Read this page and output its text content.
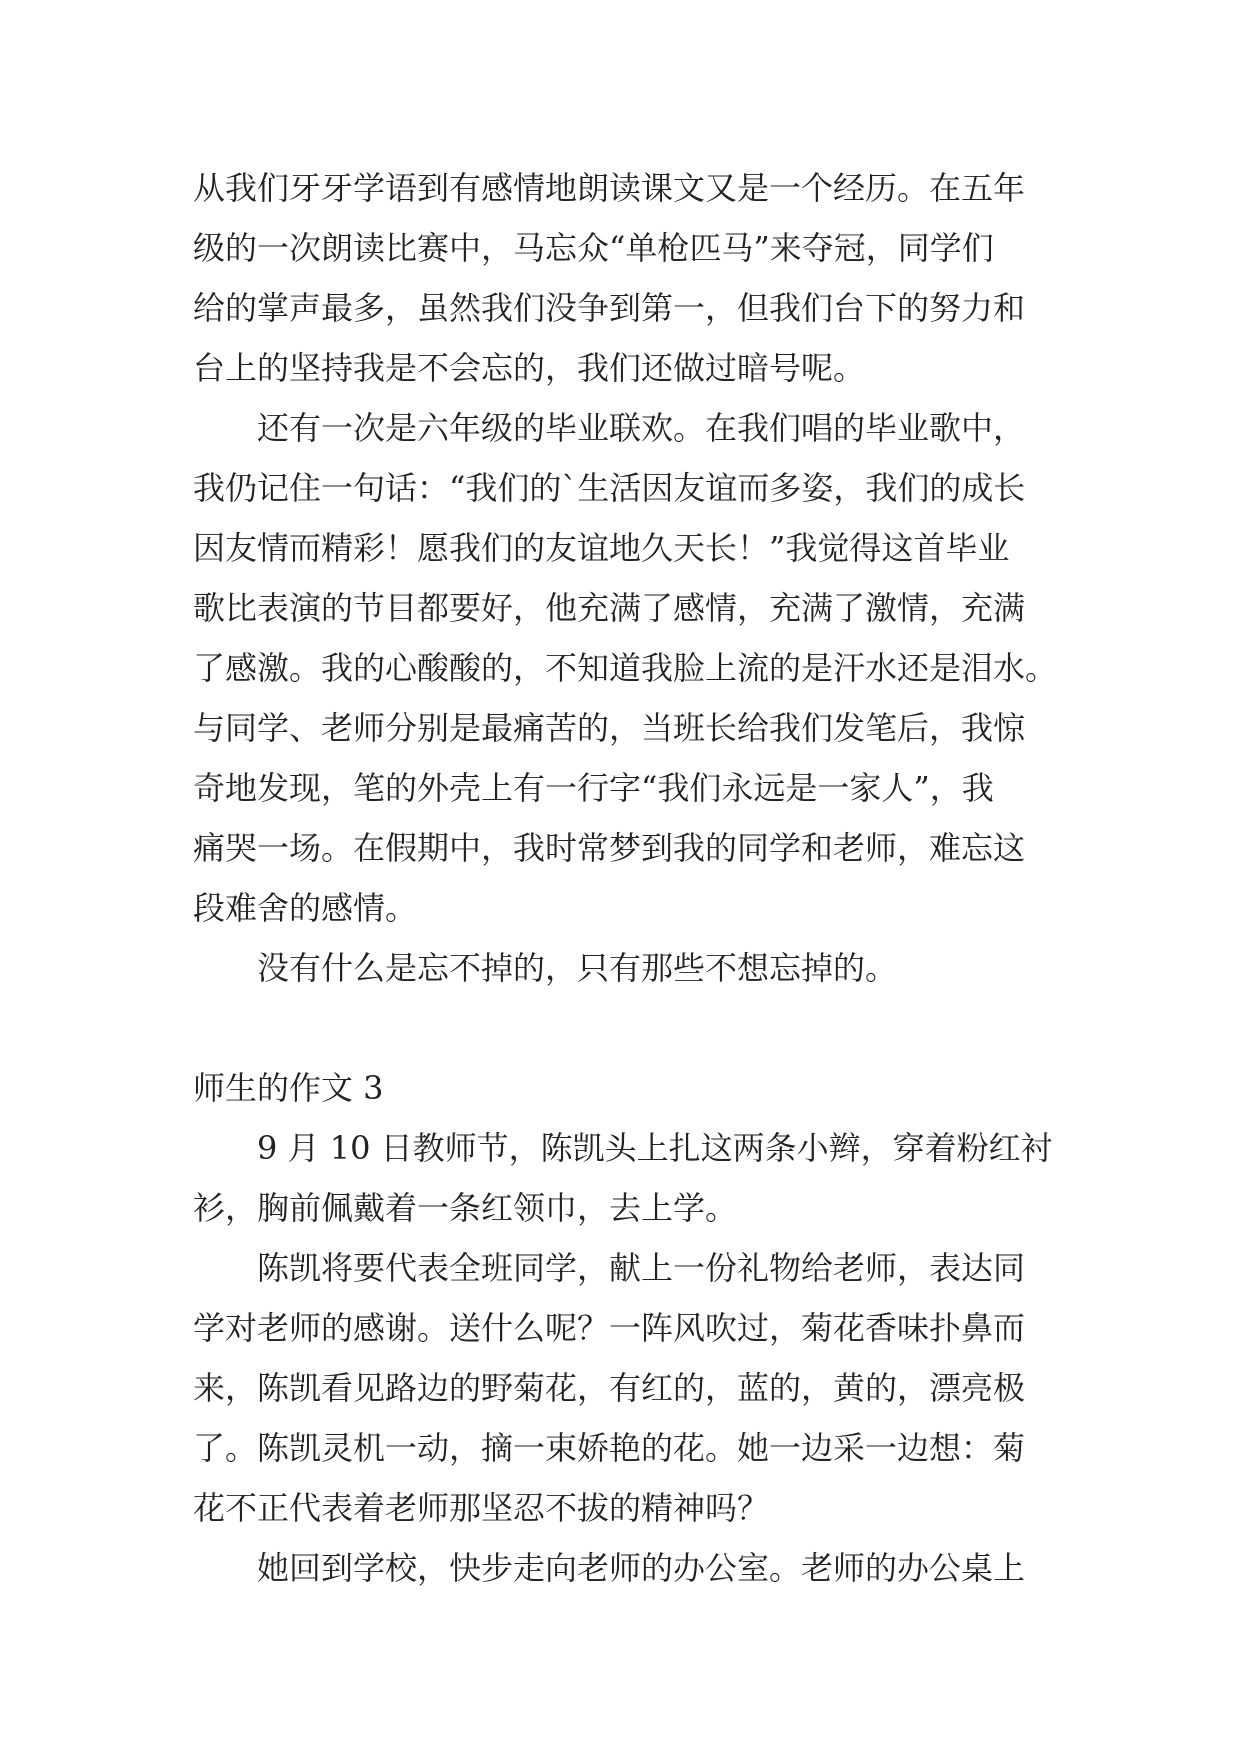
从我们牙牙学语到有感情地朗读课文又是一个经历。在五年
级的一次朗读比赛中，马忘众“单枪匹马”来夺冠，同学们
给的掌声最多，虽然我们没争到第一，但我们台下的努力和
台上的坚持我是不会忘的，我们还做过暗号呢。
还有一次是六年级的毕业联欢。在我们唱的毕业歌中，
我仍记住一句话：“我们的`生活因友谊而多姿，我们的成长
因友情而精彩！愿我们的友谊地久天长！”我觉得这首毕业
歌比表演的节目都要好，他充满了感情，充满了激情，充满
了感激。我的心酸酸的，不知道我脸上流的是汗水还是泪水。
与同学、老师分别是最痛苦的，当班长给我们发笔后，我惊
奇地发现，笔的外壳上有一行字“我们永远是一家人”，我
痛哭一场。在假期中，我时常梦到我的同学和老师，难忘这
段难舍的感情。
没有什么是忘不掉的，只有那些不想忘掉的。
师生的作文 3
9 月 10 日教师节，陈凯头上扎这两条小辫，穿着粉红衬
衫，胸前佩戴着一条红领巾，去上学。
陈凯将要代表全班同学，献上一份礼物给老师，表达同
学对老师的感谢。送什么呢？一阵风吹过，菊花香味扑鼻而
来，陈凯看见路边的野菊花，有红的，蓝的，黄的，漂亮极
了。陈凯灵机一动，摘一束娇艳的花。她一边采一边想：菊
花不正代表着老师那坚忍不拔的精神吗？
她回到学校，快步走向老师的办公室。老师的办公桌上
